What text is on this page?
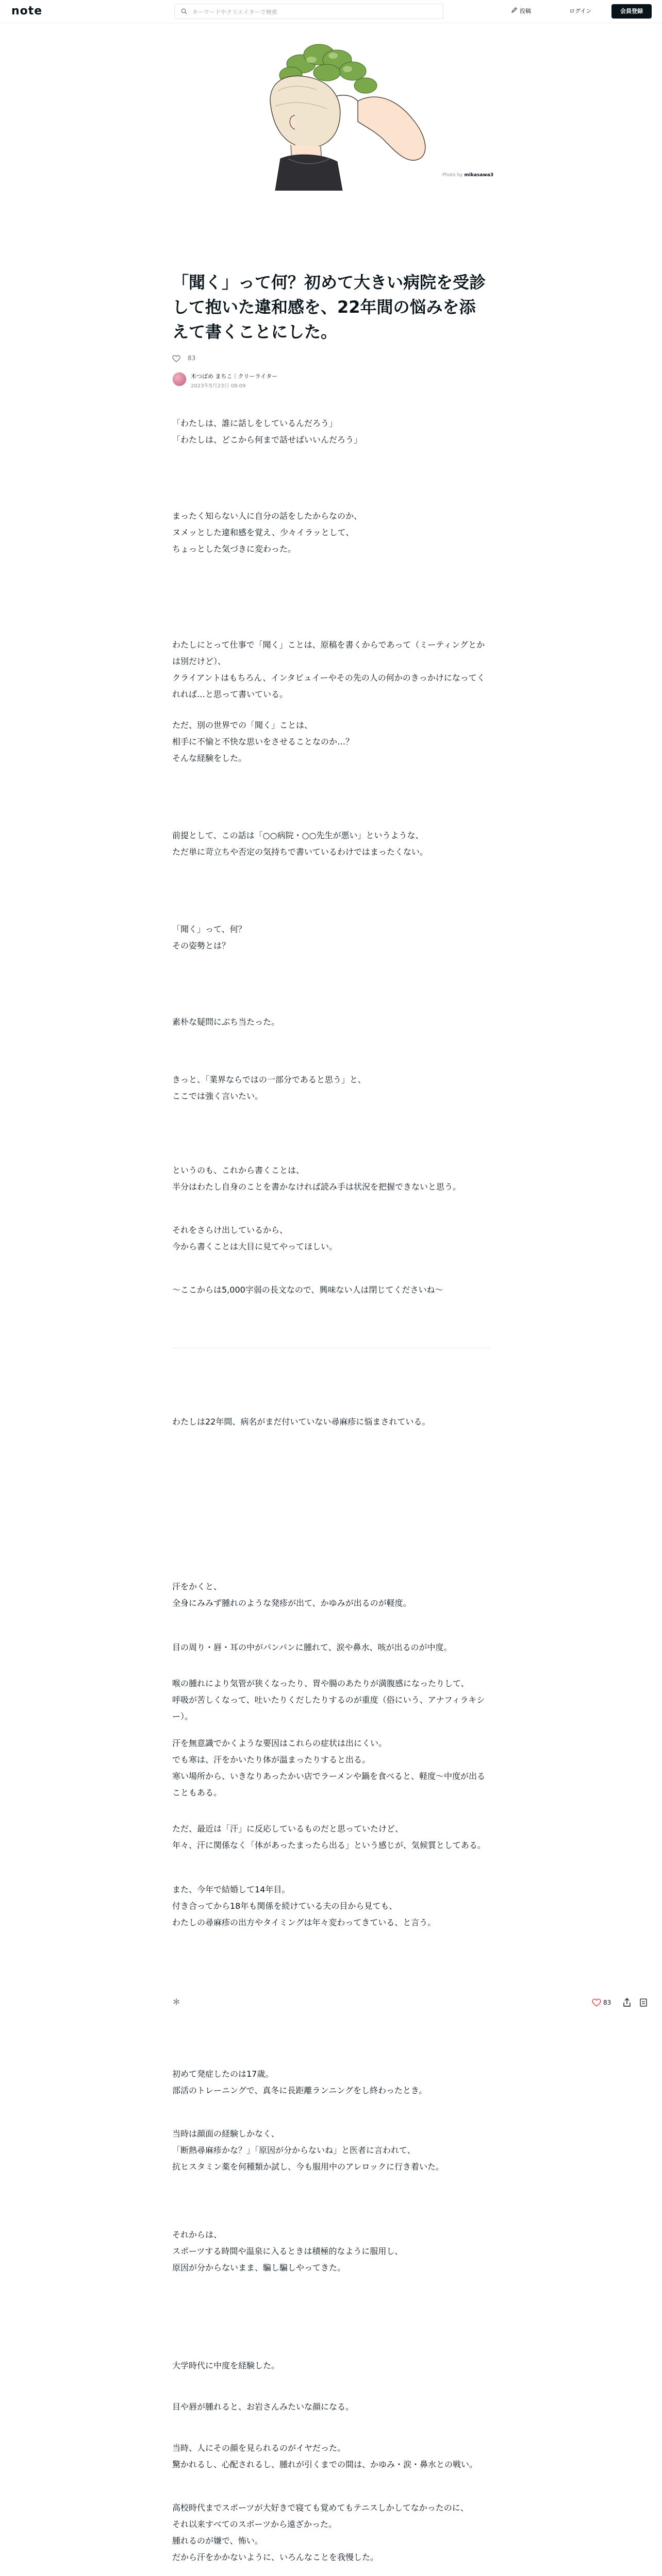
note
キーワードやクリエイターで検索	投稿	ログイン	会員登録
Photo by mikasawa3
「聞く」って何？初めて大きい病院を受診して抱いた違和感を、22年間の悩みを添えて書くことにした。
83
木つばめ まちこ｜クリーライター
2023年5月23日 08:09

「わたしは、誰に話しをしているんだろう」
「わたしは、どこから何まで話せばいいんだろう」

まったく知らない人に自分の話をしたからなのか、
ヌメッとした違和感を覚え、少々イラッとして、
ちょっとした気づきに変わった。

わたしにとって仕事で「聞く」ことは、原稿を書くからであって（ミーティングとかは別だけど）、
クライアントはもちろん、インタビュイーやその先の人の何かのきっかけになってくれれば…と思って書いている。

ただ、別の世界での「聞く」ことは、
相手に不愉と不快な思いをさせることなのか…？
そんな経験をした。

前提として、この話は「○○病院・○○先生が悪い」というような、
ただ単に苛立ちや否定の気持ちで書いているわけではまったくない。

「聞く」って、何？
その姿勢とは？

素朴な疑問にぶち当たった。

きっと、「業界ならではの一部分であると思う」と、
ここでは強く言いたい。

というのも、これから書くことは、
半分はわたし自身のことを書かなければ読み手は状況を把握できないと思う。

それをさらけ出しているから、
今から書くことは大目に見てやってほしい。

〜ここからは5,000字弱の長文なので、興味ない人は閉じてくださいね〜

わたしは22年間、病名がまだ付いていない尋麻疹に悩まされている。

汗をかくと、
全身にみみず腫れのような発疹が出て、かゆみが出るのが軽度。

目の周り・唇・耳の中がパンパンに腫れて、涙や鼻水、咳が出るのが中度。

喉の腫れにより気管が狭くなったり、胃や腸のあたりが満腹感になったりして、
呼吸が苦しくなって、吐いたりくだしたりするのが重度（俗にいう、アナフィラキシー）。

汗を無意識でかくような要因はこれらの症状は出にくい。
でも寒は、汗をかいたり体が温まったりすると出る。
寒い場所から、いきなりあったかい店でラーメンや鍋を食べると、軽度〜中度が出ることもある。

ただ、最近は「汗」に反応しているものだと思っていたけど、
年々、汗に関係なく「体があったまったら出る」という感じが、気候質としてある。

また、今年で結婚して14年目。
付き合ってから18年も関係を続けている夫の目から見ても、
わたしの尋麻疹の出方やタイミングは年々変わってきている、と言う。

＊

初めて発症したのは17歳。
部活のトレーニングで、真冬に長距離ランニングをし終わったとき。

当時は顔面の経験しかなく、
「断熱尋麻疹かな？」「原因が分からないね」と医者に言われて、
抗ヒスタミン薬を何種類か試し、今も服用中のアレロックに行き着いた。

それからは、
スポーツする時間や温泉に入るときは積極的なように服用し、
原因が分からないまま、騙し騙しやってきた。

大学時代に中度を経験した。

目や唇が腫れると、お岩さんみたいな顔になる。

当時、人にその顔を見られるのがイヤだった。
驚かれるし、心配されるし、腫れが引くまでの間は、かゆみ・涙・鼻水との戦い。

高校時代までスポーツが大好きで寝ても覚めてもテニスしかしてなかったのに、
それ以来すべてのスポーツから遠ざかった。
腫れるのが嫌で、怖い。
だから汗をかかないように、いろんなことを我慢した。

83
